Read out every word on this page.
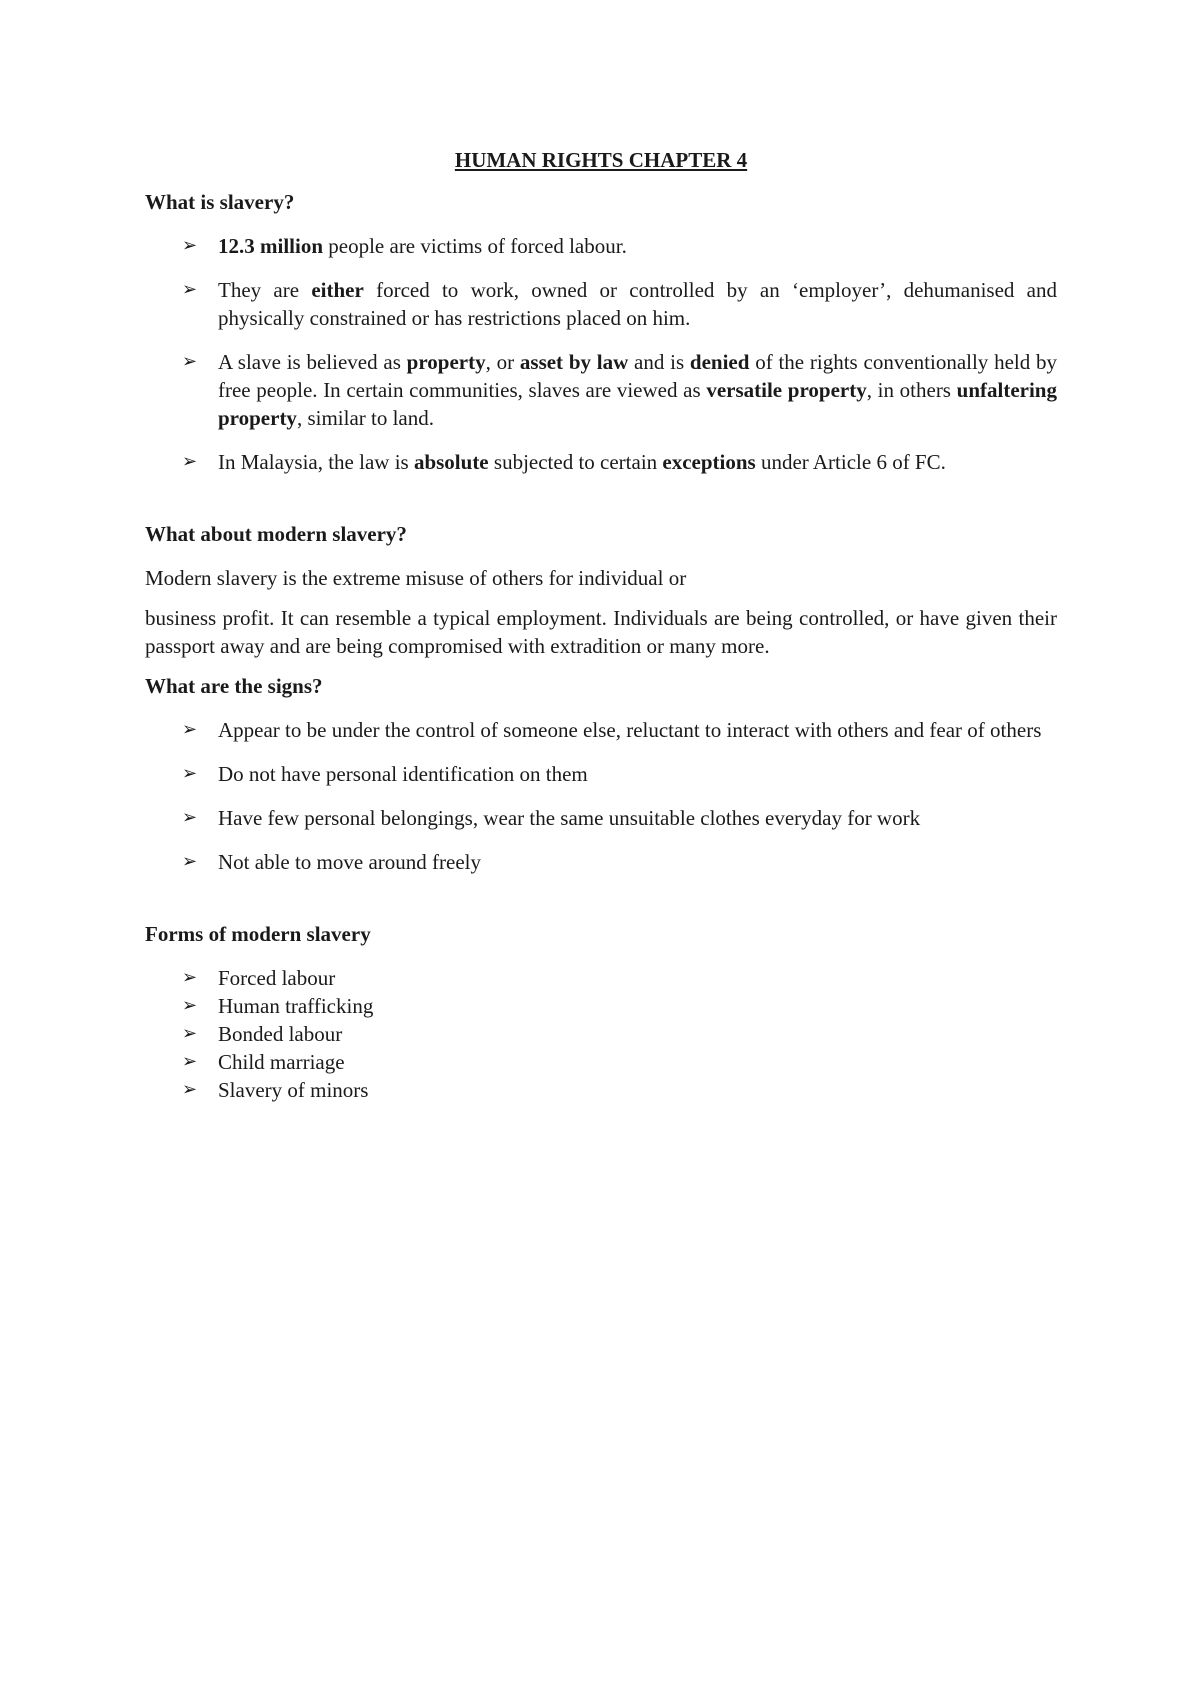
HUMAN RIGHTS CHAPTER 4
What is slavery?
➢ 12.3 million people are victims of forced labour.
➢ They are either forced to work, owned or controlled by an ‘employer’, dehumanised and physically constrained or has restrictions placed on him.
➢ A slave is believed as property, or asset by law and is denied of the rights conventionally held by free people. In certain communities, slaves are viewed as versatile property, in others unfaltering property, similar to land.
➢ In Malaysia, the law is absolute subjected to certain exceptions under Article 6 of FC.
What about modern slavery?
Modern slavery is the extreme misuse of others for individual or
business profit. It can resemble a typical employment. Individuals are being controlled, or have given their passport away and are being compromised with extradition or many more.
What are the signs?
➢ Appear to be under the control of someone else, reluctant to interact with others and fear of others
➢ Do not have personal identification on them
➢ Have few personal belongings, wear the same unsuitable clothes everyday for work
➢ Not able to move around freely
Forms of modern slavery
➢ Forced labour
➢ Human trafficking
➢ Bonded labour
➢ Child marriage
➢ Slavery of minors
